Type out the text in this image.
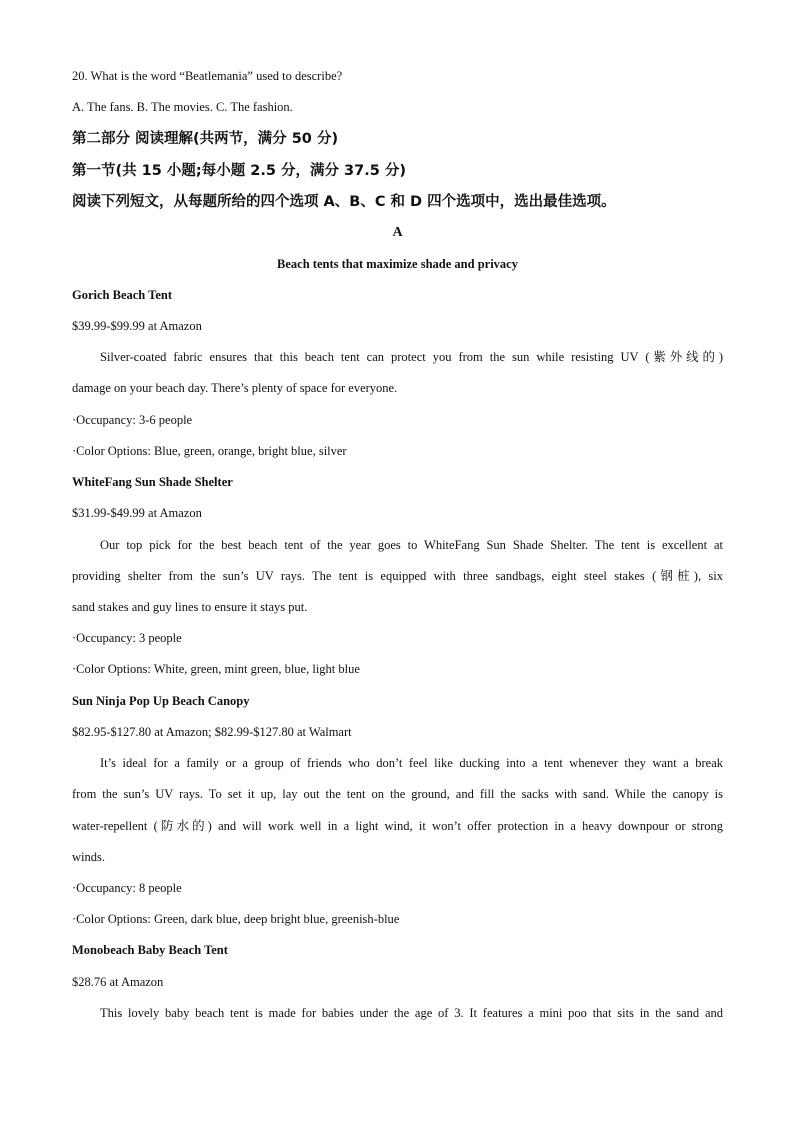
20. What is the word “Beatlemania” used to describe?
A. The fans. B. The movies. C. The fashion.
第二部分 阅读理解(共两节，满分 50 分)
第一节(共 15 小题;每小题 2.5 分，满分 37.5 分)
阅读下列短文，从每题所给的四个选项 A、B、C 和 D 四个选项中，选出最佳选项。
A
Beach tents that maximize shade and privacy
Gorich Beach Tent
$39.99-$99.99 at Amazon
Silver-coated fabric ensures that this beach tent can protect you from the sun while resisting UV (紫外线的)
damage on your beach day. There’s plenty of space for everyone.
·Occupancy: 3-6 people
·Color Options: Blue, green, orange, bright blue, silver
WhiteFang Sun Shade Shelter
$31.99-$49.99 at Amazon
Our top pick for the best beach tent of the year goes to WhiteFang Sun Shade Shelter. The tent is excellent at
providing shelter from the sun’s UV rays. The tent is equipped with three sandbags, eight steel stakes (钢桩), six
sand stakes and guy lines to ensure it stays put.
·Occupancy: 3 people
·Color Options: White, green, mint green, blue, light blue
Sun Ninja Pop Up Beach Canopy
$82.95-$127.80 at Amazon; $82.99-$127.80 at Walmart
It’s ideal for a family or a group of friends who don’t feel like ducking into a tent whenever they want a break
from the sun’s UV rays. To set it up, lay out the tent on the ground, and fill the sacks with sand. While the canopy is
water-repellent (防水的) and will work well in a light wind, it won’t offer protection in a heavy downpour or strong
winds.
·Occupancy: 8 people
·Color Options: Green, dark blue, deep bright blue, greenish-blue
Monobeach Baby Beach Tent
$28.76 at Amazon
This lovely baby beach tent is made for babies under the age of 3. It features a mini poo that sits in the sand and
